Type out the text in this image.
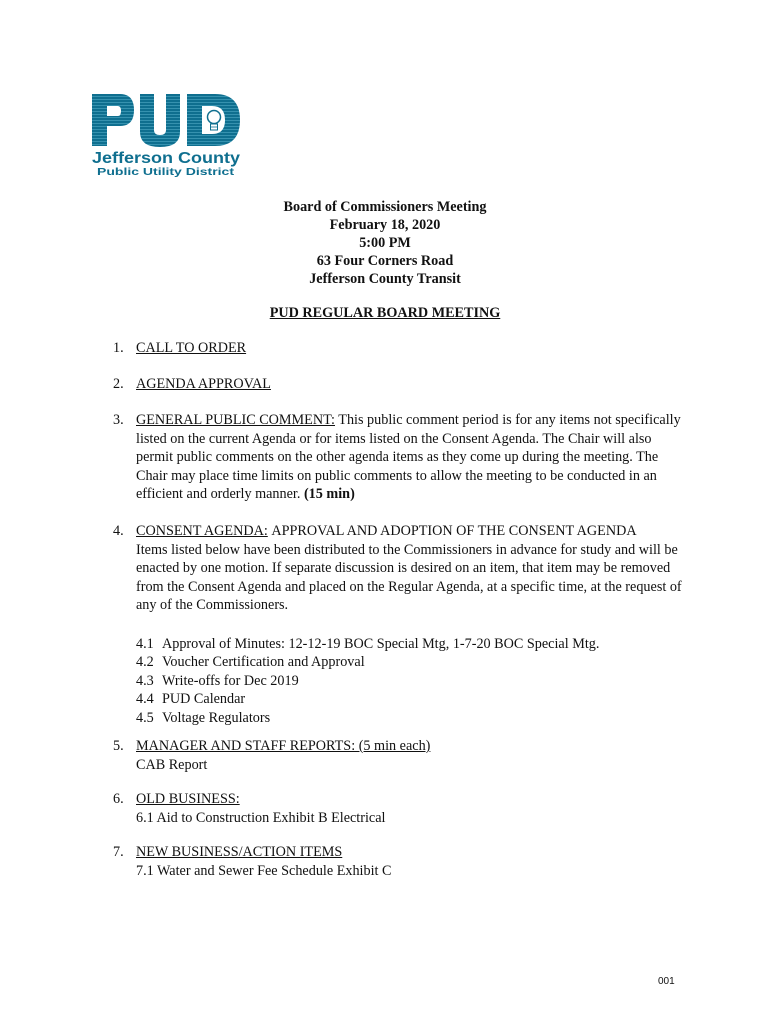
Jefferson County
Public Utility District
Board of Commissioners Meeting
February 18, 2020
5:00 PM
63 Four Corners Road
Jefferson County Transit
PUD REGULAR BOARD MEETING
1. CALL TO ORDER
2. AGENDA APPROVAL
3. GENERAL PUBLIC COMMENT: This public comment period is for any items not specifically listed on the current Agenda or for items listed on the Consent Agenda. The Chair will also permit public comments on the other agenda items as they come up during the meeting. The Chair may place time limits on public comments to allow the meeting to be conducted in an efficient and orderly manner. (15 min)
4. CONSENT AGENDA: APPROVAL AND ADOPTION OF THE CONSENT AGENDA
Items listed below have been distributed to the Commissioners in advance for study and will be enacted by one motion. If separate discussion is desired on an item, that item may be removed from the Consent Agenda and placed on the Regular Agenda, at a specific time, at the request of any of the Commissioners.
4.1 Approval of Minutes: 12-12-19 BOC Special Mtg, 1-7-20 BOC Special Mtg.
4.2 Voucher Certification and Approval
4.3 Write-offs for Dec 2019
4.4 PUD Calendar
4.5 Voltage Regulators
5. MANAGER AND STAFF REPORTS: (5 min each)
CAB Report
6. OLD BUSINESS:
6.1 Aid to Construction Exhibit B Electrical
7. NEW BUSINESS/ACTION ITEMS
7.1 Water and Sewer Fee Schedule Exhibit C
001
